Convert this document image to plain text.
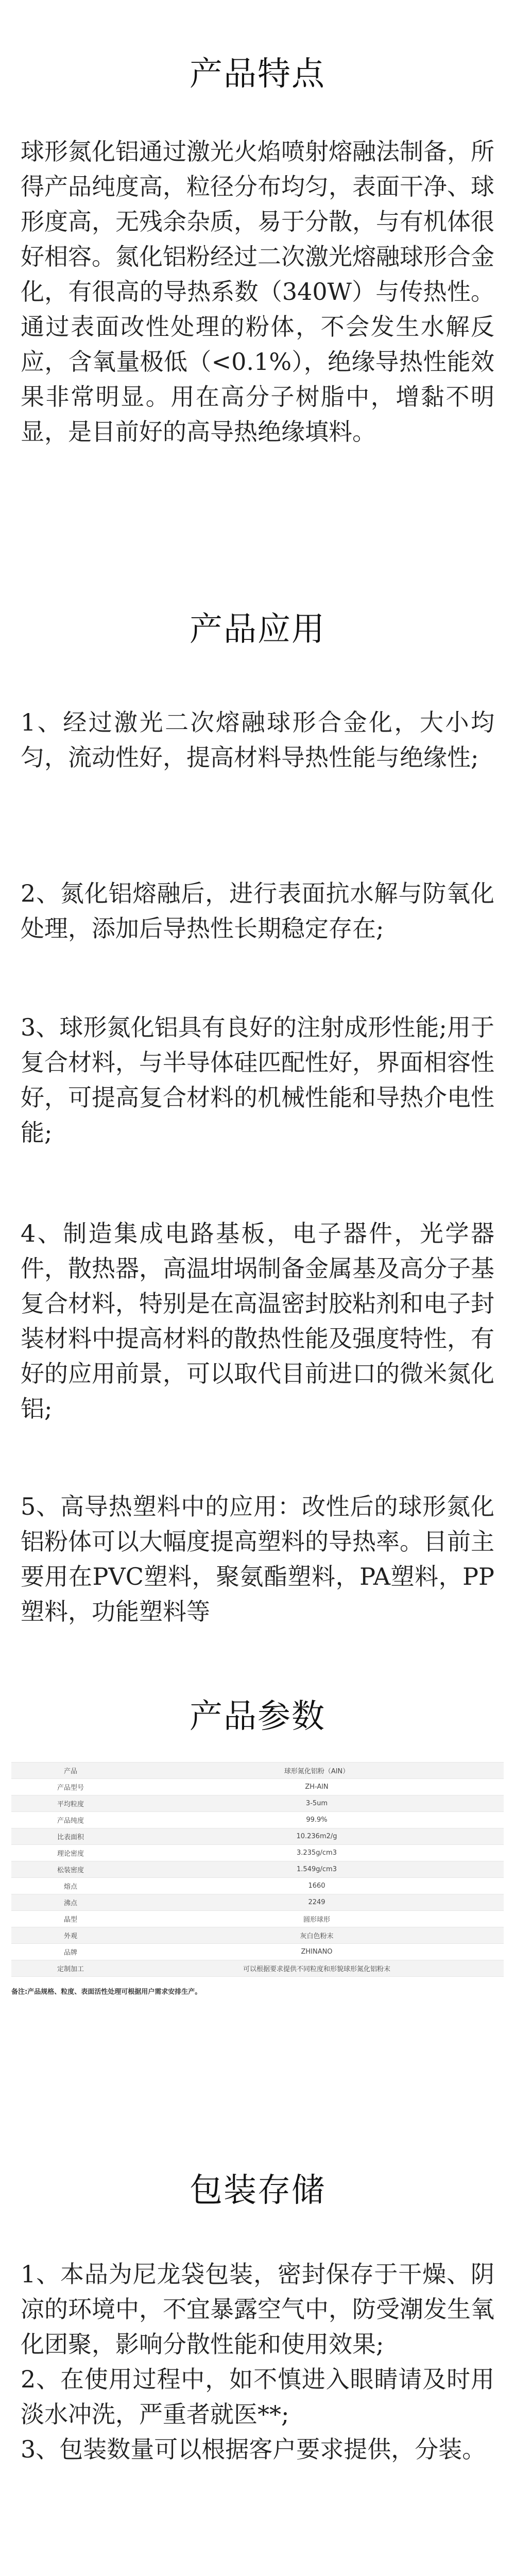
产品特点

球形氮化铝通过激光火焰喷射熔融法制备，所得产品纯度高，粒径分布均匀，表面干净、球形度高，无残余杂质，易于分散，与有机体很好相容。氮化铝粉经过二次激光熔融球形合金化，有很高的导热系数（340W）与传热性。通过表面改性处理的粉体，不会发生水解反应，含氧量极低（<0.1%），绝缘导热性能效果非常明显。用在高分子树脂中，增黏不明显，是目前好的高导热绝缘填料。

产品应用

1、经过激光二次熔融球形合金化，大小均匀，流动性好，提高材料导热性能与绝缘性;

2、氮化铝熔融后，进行表面抗水解与防氧化处理，添加后导热性长期稳定存在;

3、球形氮化铝具有良好的注射成形性能;用于复合材料，与半导体硅匹配性好，界面相容性好，可提高复合材料的机械性能和导热介电性能;

4、制造集成电路基板，电子器件，光学器件，散热器，高温坩埚制备金属基及高分子基复合材料，特别是在高温密封胶粘剂和电子封装材料中提高材料的散热性能及强度特性，有好的应用前景，可以取代目前进口的微米氮化铝;

5、高导热塑料中的应用：改性后的球形氮化铝粉体可以大幅度提高塑料的导热率。目前主要用在PVC塑料，聚氨酯塑料，PA塑料，PP塑料，功能塑料等

产品参数
产品	球形氮化铝粉（AlN）
产品型号	ZH-AlN
平均粒度	3-5um
产品纯度	99.9%
比表面积	10.236m2/g
理论密度	3.235g/cm3
松装密度	1.549g/cm3
熔点	1660
沸点	2249
晶型	圆形球形
外观	灰白色粉末
品牌	ZHINANO
定制加工	可以根据要求提供不同粒度和形貌球形氮化铝粉末
备注:产品规格、粒度、表面活性处理可根据用户需求安排生产。
包装存储

1、本品为尼龙袋包装，密封保存于干燥、阴凉的环境中，不宜暴露空气中，防受潮发生氧化团聚，影响分散性能和使用效果;

2、在使用过程中，如不慎进入眼睛请及时用淡水冲洗，严重者就医**;

3、包装数量可以根据客户要求提供，分装。
